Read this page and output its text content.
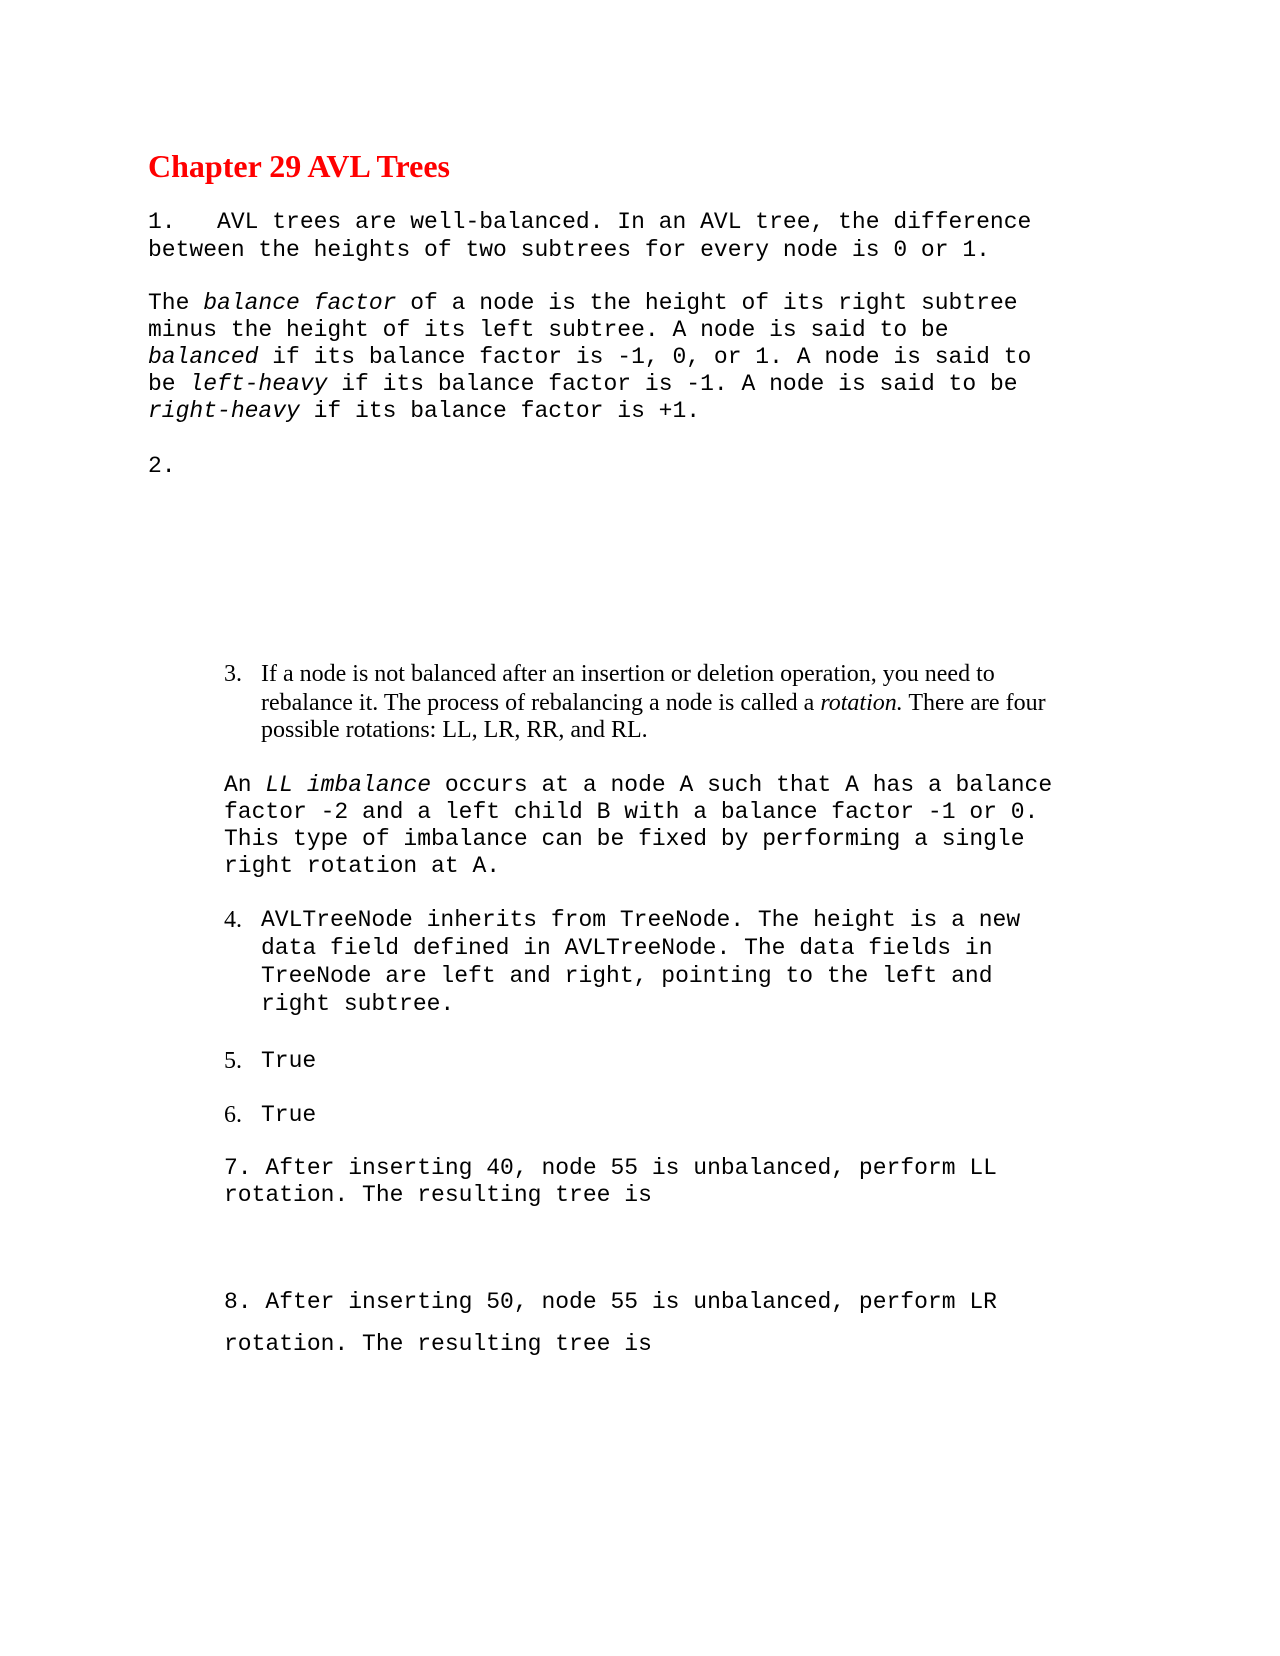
Chapter 29 AVL Trees
1.   AVL trees are well-balanced. In an AVL tree, the difference
between the heights of two subtrees for every node is 0 or 1.
The balance factor of a node is the height of its right subtree
minus the height of its left subtree. A node is said to be
balanced if its balance factor is -1, 0, or 1. A node is said to
be left-heavy if its balance factor is -1. A node is said to be
right-heavy if its balance factor is +1.
2.
3. If a node is not balanced after an insertion or deletion operation, you need to
rebalance it. The process of rebalancing a node is called a rotation. There are four
possible rotations: LL, LR, RR, and RL.
An LL imbalance occurs at a node A such that A has a balance
factor -2 and a left child B with a balance factor -1 or 0.
This type of imbalance can be fixed by performing a single
right rotation at A.
4. AVLTreeNode inherits from TreeNode. The height is a new
data field defined in AVLTreeNode. The data fields in
TreeNode are left and right, pointing to the left and
right subtree.
5. True
6. True
7. After inserting 40, node 55 is unbalanced, perform LL
rotation. The resulting tree is
8. After inserting 50, node 55 is unbalanced, perform LR
rotation. The resulting tree is
